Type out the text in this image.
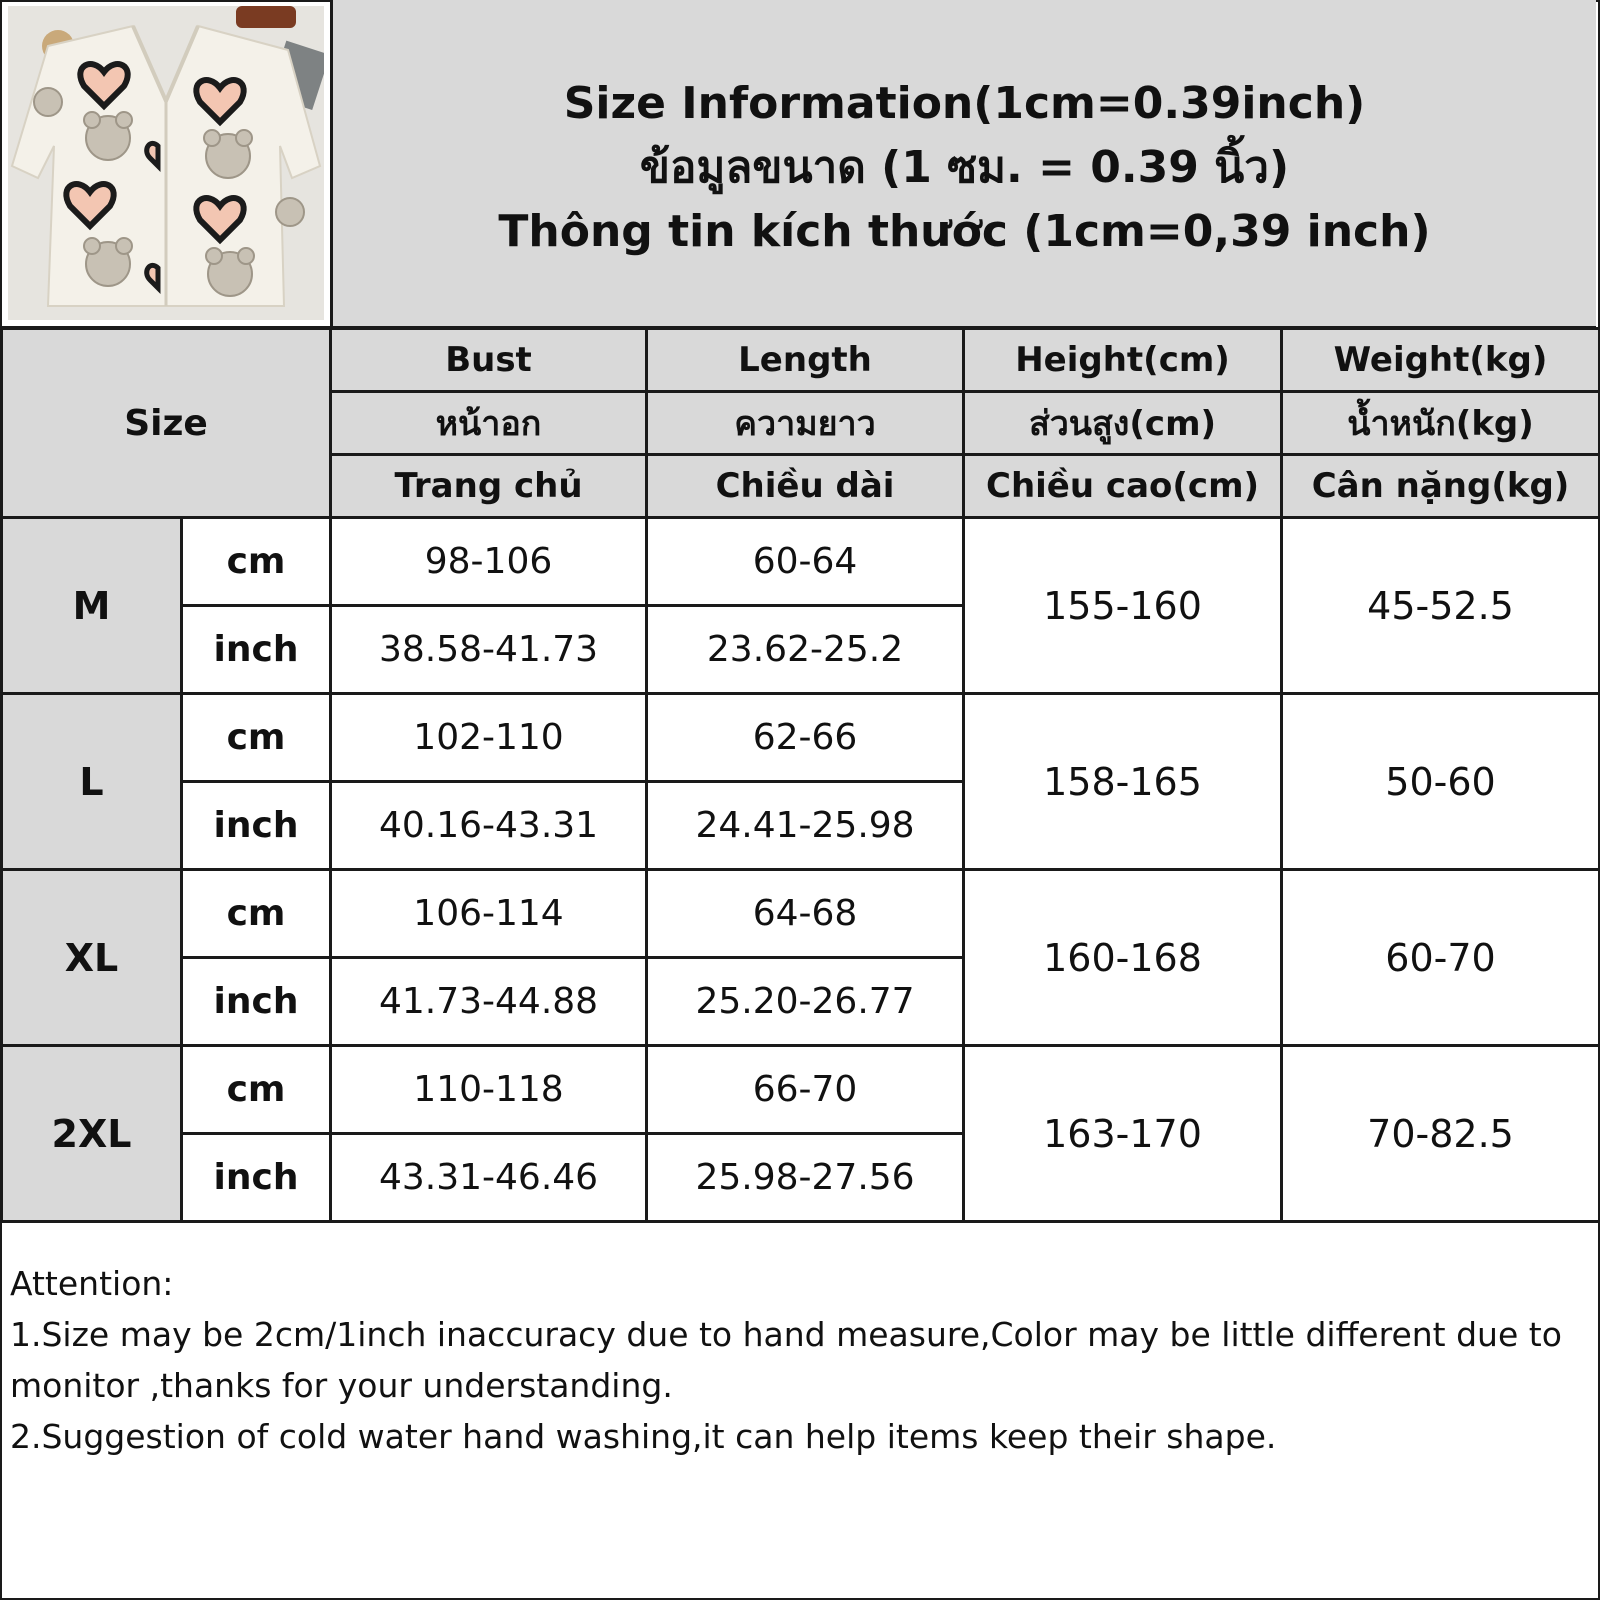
Size Information(1cm=0.39inch)
ข้อมูลขนาด (1 ซม. = 0.39 นิ้ว)
Thông tin kích thước (1cm=0,39 inch)
Size		Bust	Length	Height(cm)	Weight(kg)
		หน้าอก	ความยาว	ส่วนสูง(cm)	น้ำหนัก(kg)
		Trang chủ	Chiều dài	Chiều cao(cm)	Cân nặng(kg)
M	cm	98-106	60-64	155-160	45-52.5
	inch	38.58-41.73	23.62-25.2		
L	cm	102-110	62-66	158-165	50-60
	inch	40.16-43.31	24.41-25.98		
XL	cm	106-114	64-68	160-168	60-70
	inch	41.73-44.88	25.20-26.77		
2XL	cm	110-118	66-70	163-170	70-82.5
	inch	43.31-46.46	25.98-27.56		
Attention:
1.Size may be 2cm/1inch inaccuracy due to hand measure,Color may be little different due to monitor ,thanks for your understanding.
2.Suggestion of cold water hand washing,it can help items keep their shape.
